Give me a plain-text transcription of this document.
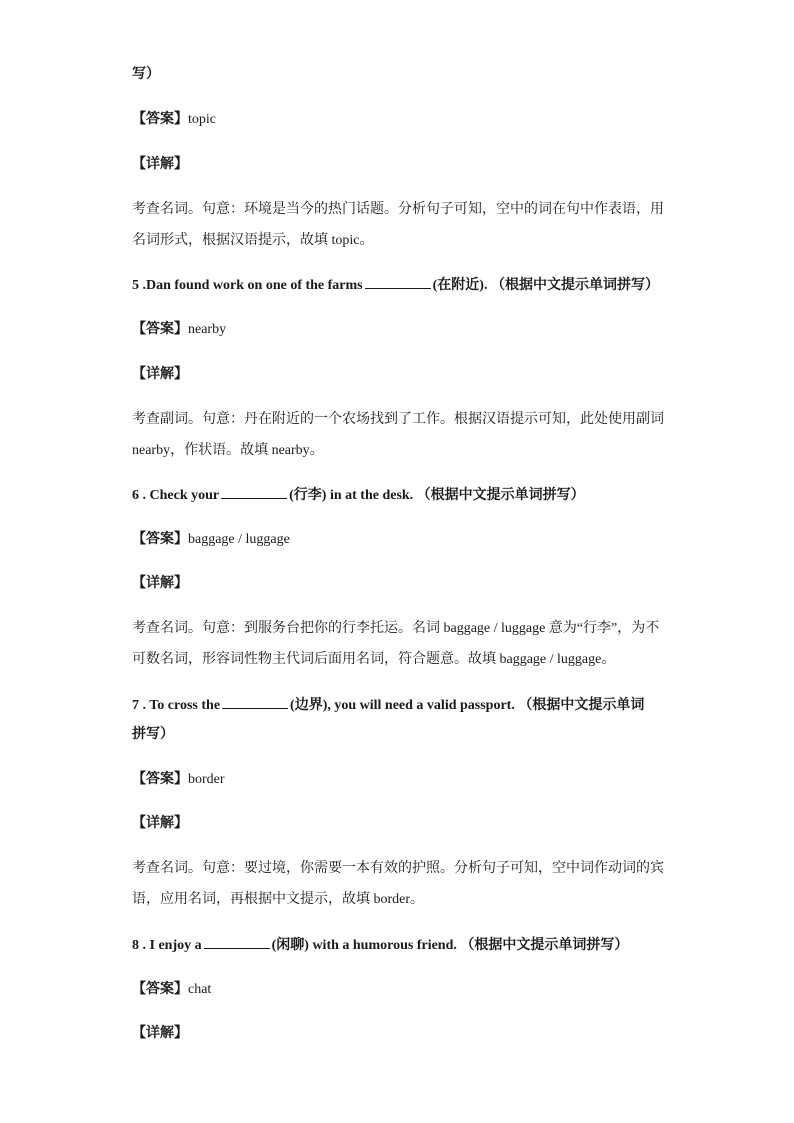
写）
【答案】topic
【详解】
考查名词。句意：环境是当今的热门话题。分析句子可知，空中的词在句中作表语，用
名词形式，根据汉语提示，故填 topic。
5 .Dan found work on one of the farms	(在附近). （根据中文提示单词拼写）
【答案】nearby
【详解】
考查副词。句意：丹在附近的一个农场找到了工作。根据汉语提示可知，此处使用副词
nearby，作状语。故填 nearby。
6 . Check your	(行李) in at the desk. （根据中文提示单词拼写）
【答案】baggage / luggage
【详解】
考查名词。句意：到服务台把你的行李托运。名词 baggage / luggage 意为“行李”，为不
可数名词，形容词性物主代词后面用名词，符合题意。故填 baggage / luggage。
7 . To cross the	(边界), you will need a valid passport. （根据中文提示单词
拼写）
【答案】border
【详解】
考查名词。句意：要过境，你需要一本有效的护照。分析句子可知，空中词作动词的宾
语，应用名词，再根据中文提示，故填 border。
8 . I enjoy a	(闲聊) with a humorous friend. （根据中文提示单词拼写）
【答案】chat
【详解】
